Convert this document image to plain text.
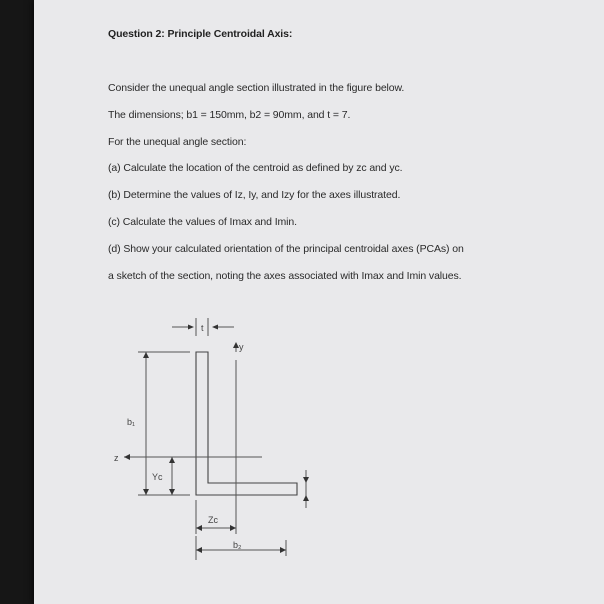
Question 2: Principle Centroidal Axis:
Consider the unequal angle section illustrated in the figure below.
The dimensions; b1 = 150mm, b2 = 90mm, and t = 7.
For the unequal angle section:
(a) Calculate the location of the centroid as defined by zc and yc.
(b) Determine the values of Iz, Iy, and Izy for the axes illustrated.
(c) Calculate the values of Imax and Imin.
(d) Show your calculated orientation of the principal centroidal axes (PCAs) on
a sketch of the section, noting the axes associated with Imax and Imin values.
t
y
b₁
z
Yᴄ
Zᴄ
b₂
